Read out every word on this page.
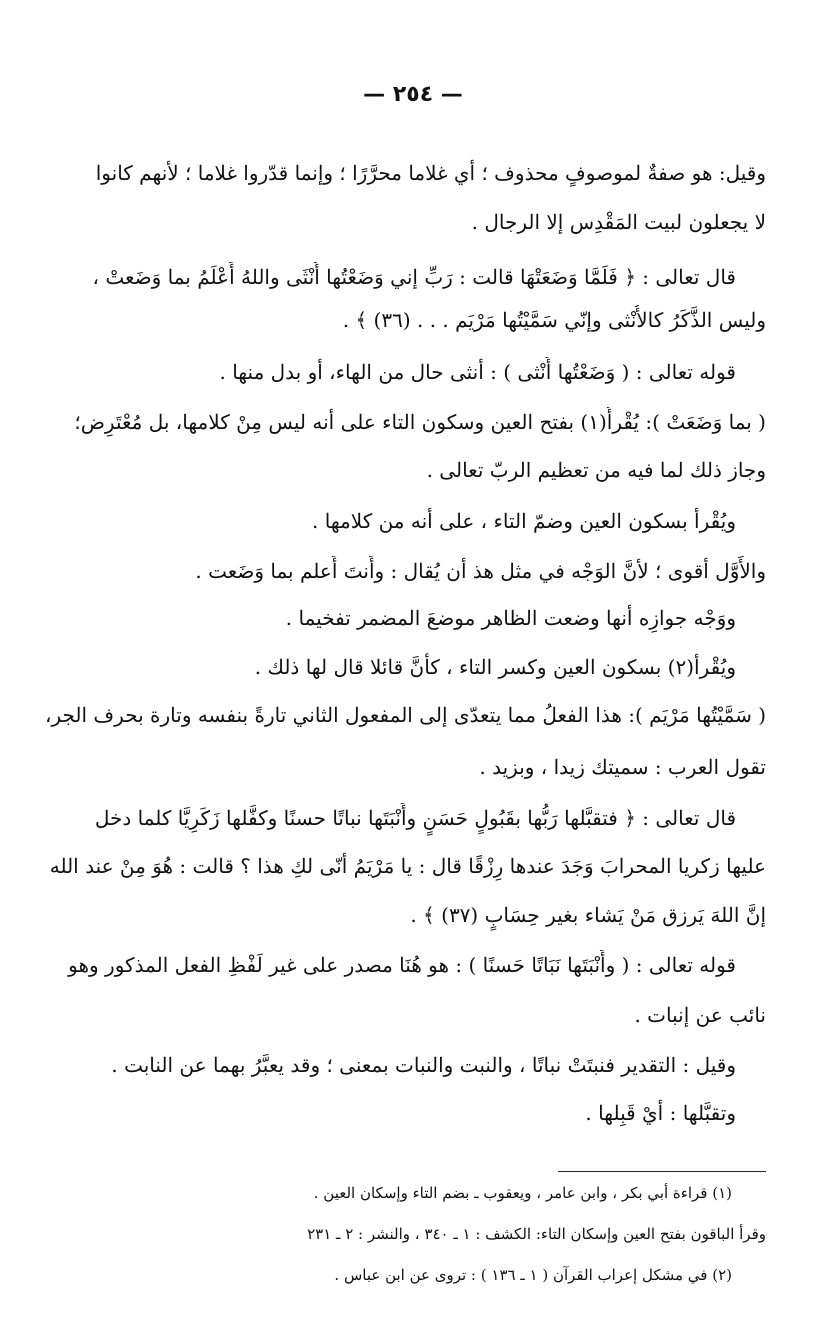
— ٢٥٤ —
وقيل: هو صفةٌ لموصوفٍ محذوف ؛ أي غلاما محرَّرًا ؛ وإنما قدّروا غلاما ؛ لأنهم كانوا
لا يجعلون لبيت المَقْدِس إلا الرجال .
قال تعالى : ﴿ فَلَمَّا وَضَعَتْهَا قالت : رَبِّ إني وَضَعْتُها أُنْثَى واللهُ أَعْلَمُ بما وَضَعتْ ،
وليس الذَّكَرُ كالأُنْثى وإنّي سَمَّيْتُها مَرْيَم . . . (٣٦) ﴾ .
قوله تعالى : ( وَضَعْتُها أُنْثى ) : أنثى حال من الهاء، أو بدل منها .
( بما وَضَعَتْ ): يُقْرأُ(١) بفتح العين وسكون التاء على أنه ليس مِنْ كلامها، بل مُعْتَرِض؛
وجاز ذلك لما فيه من تعظيم الربّ تعالى .
ويُقْرأ بسكون العين وضمّ التاء ، على أنه من كلامها .
والأَوَّل أقوى ؛ لأنَّ الوَجْه في مثل هذ أن يُقال : وأَنتَ أَعلم بما وَضَعت .
ووَجْه جوازِه أنها وضعت الظاهر موضعَ المضمر تفخيما .
ويُقْرأ(٢) بسكون العين وكسر التاء ، كأنَّ قائلا قال لها ذلك .
( سَمَّيْتُها مَرْيَم ): هذا الفعلُ مما يتعدّى إلى المفعول الثاني تارةً بنفسه وتارة بحرف الجر،
تقول العرب : سميتك زيدا ، وبزيد .
قال تعالى : ﴿ فتقبَّلها رَبُّها بقَبُولٍ حَسَنٍ وأَنْبَتَها نباتًا حسنًا وكفَّلها زَكَرِيَّا كلما دخل
عليها زكريا المحرابَ وَجَدَ عندها رِزْقًا قال : يا مَرْيَمُ أنّى لكِ هذا ؟ قالت : هُوَ مِنْ عند الله
إنَّ اللهَ يَرزق مَنْ يَشاء بغير حِسَابٍ (٣٧) ﴾ .
قوله تعالى : ( وأَنْبَتَها نَبَاتًا حَسنًا ) : هو هُنَا مصدر على غير لَفْظِ الفعل المذكور وهو
نائب عن إنبات .
وقيل : التقدير فنبتَتْ نباتًا ، والنبت والنبات بمعنى ؛ وقد يعبَّرُ بهما عن النابت .
وتقبَّلها : أيْ قَبِلها .
(١) قراءة أبي بكر ، وابن عامر ، ويعقوب ـ بضم التاء وإسكان العين .
وقرأ الباقون بفتح العين وإسكان التاء: الكشف : ١ ـ ٣٤٠ ، والنشر : ٢ ـ ٢٣١
(٢) في مشكل إعراب القرآن ( ١ ـ ١٣٦ ) : تروى عن ابن عباس .
